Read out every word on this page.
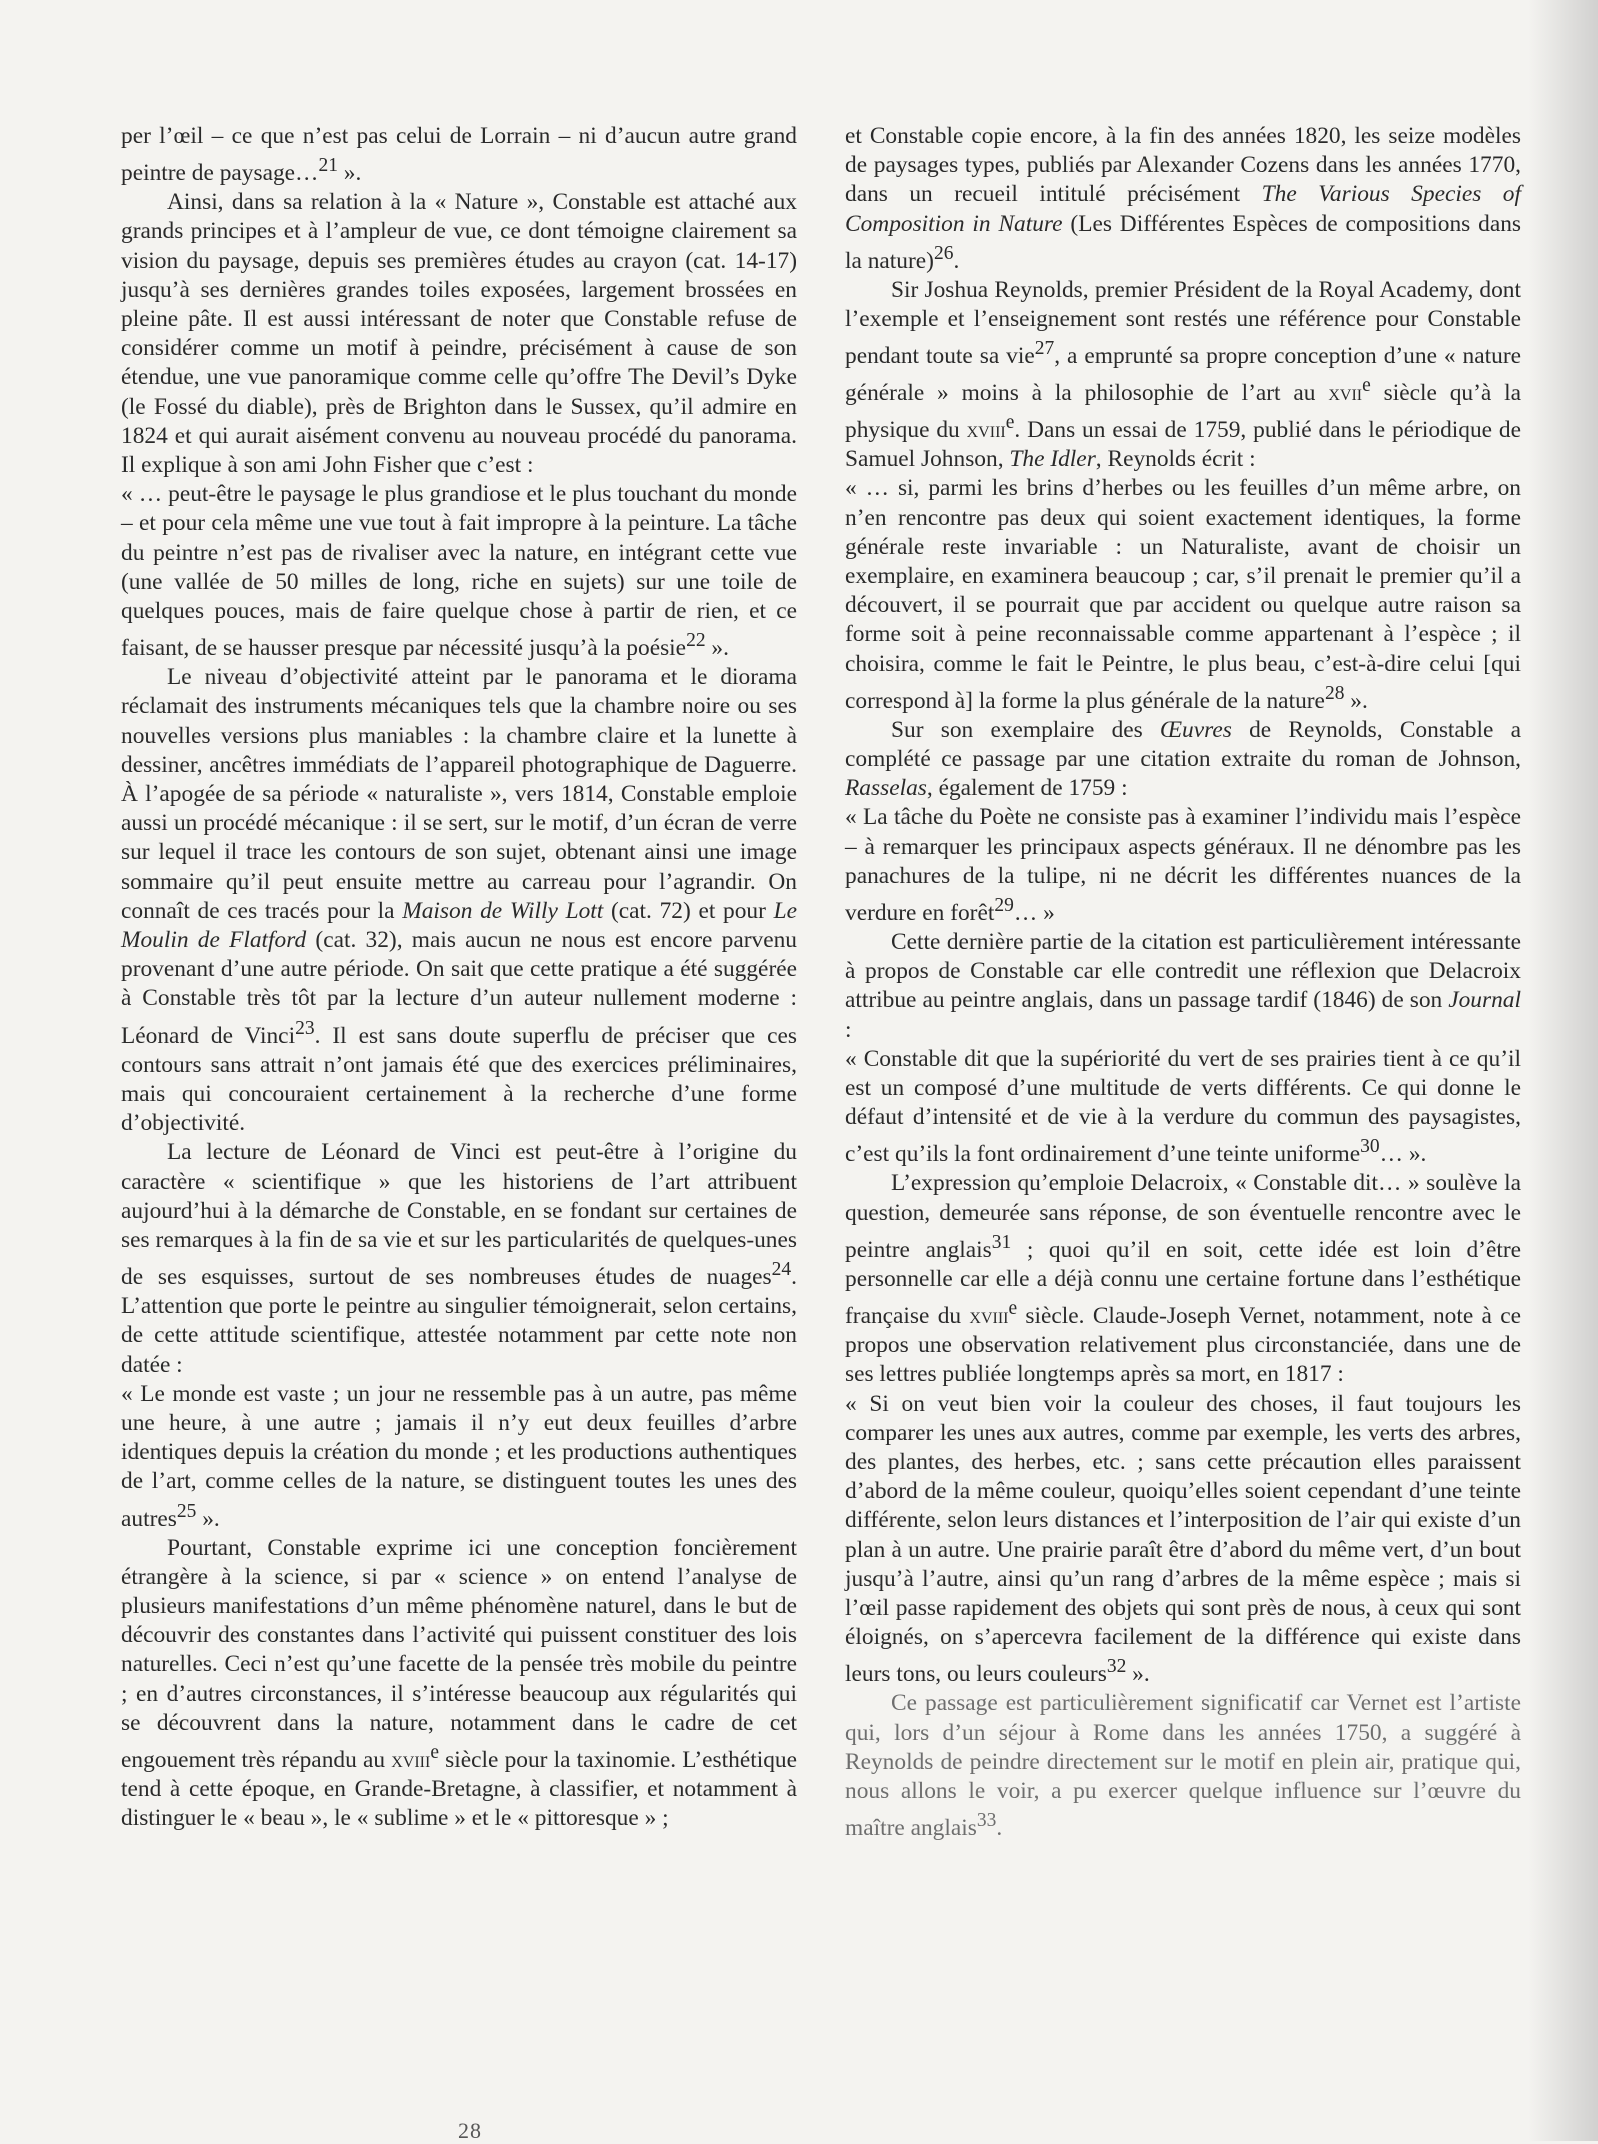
per l’œil – ce que n’est pas celui de Lorrain – ni d’aucun autre grand peintre de paysage…$^{21}$ ».

Ainsi, dans sa relation à la « Nature », Constable est attaché aux grands principes et à l’ampleur de vue, ce dont témoigne clairement sa vision du paysage, depuis ses premières études au crayon (cat. 14-17) jusqu’à ses dernières grandes toiles exposées, largement brossées en pleine pâte. Il est aussi intéressant de noter que Constable refuse de considérer comme un motif à peindre, précisément à cause de son étendue, une vue panoramique comme celle qu’offre The Devil’s Dyke (le Fossé du diable), près de Brighton dans le Sussex, qu’il admire en 1824 et qui aurait aisément convenu au nouveau procédé du panorama. Il explique à son ami John Fisher que c’est :

« … peut-être le paysage le plus grandiose et le plus touchant du monde – et pour cela même une vue tout à fait impropre à la peinture. La tâche du peintre n’est pas de rivaliser avec la nature, en intégrant cette vue (une vallée de 50 milles de long, riche en sujets) sur une toile de quelques pouces, mais de faire quelque chose à partir de rien, et ce faisant, de se hausser presque par nécessité jusqu’à la poésie$^{22}$ ».

Le niveau d’objectivité atteint par le panorama et le diorama réclamait des instruments mécaniques tels que la chambre noire ou ses nouvelles versions plus maniables : la chambre claire et la lunette à dessiner, ancêtres immédiats de l’appareil photographique de Daguerre. À l’apogée de sa période « naturaliste », vers 1814, Constable emploie aussi un procédé mécanique : il se sert, sur le motif, d’un écran de verre sur lequel il trace les contours de son sujet, obtenant ainsi une image sommaire qu’il peut ensuite mettre au carreau pour l’agrandir. On connaît de ces tracés pour la Maison de Willy Lott (cat. 72) et pour Le Moulin de Flatford (cat. 32), mais aucun ne nous est encore parvenu provenant d’une autre période. On sait que cette pratique a été suggérée à Constable très tôt par la lecture d’un auteur nullement moderne : Léonard de Vinci$^{23}$. Il est sans doute superflu de préciser que ces contours sans attrait n’ont jamais été que des exercices préliminaires, mais qui concouraient certainement à la recherche d’une forme d’objectivité.

La lecture de Léonard de Vinci est peut-être à l’origine du caractère « scientifique » que les historiens de l’art attribuent aujourd’hui à la démarche de Constable, en se fondant sur certaines de ses remarques à la fin de sa vie et sur les particularités de quelques-unes de ses esquisses, surtout de ses nombreuses études de nuages$^{24}$. L’attention que porte le peintre au singulier témoignerait, selon certains, de cette attitude scientifique, attestée notamment par cette note non datée :

« Le monde est vaste ; un jour ne ressemble pas à un autre, pas même une heure, à une autre ; jamais il n’y eut deux feuilles d’arbre identiques depuis la création du monde ; et les productions authentiques de l’art, comme celles de la nature, se distinguent toutes les unes des autres$^{25}$ ».

Pourtant, Constable exprime ici une conception foncièrement étrangère à la science, si par « science » on entend l’analyse de plusieurs manifestations d’un même phénomène naturel, dans le but de découvrir des constantes dans l’activité qui puissent constituer des lois naturelles. Ceci n’est qu’une facette de la pensée très mobile du peintre ; en d’autres circonstances, il s’intéresse beaucoup aux régularités qui se découvrent dans la nature, notamment dans le cadre de cet engouement très répandu au xviii$^e$ siècle pour la taxinomie. L’esthétique tend à cette époque, en Grande-Bretagne, à classifier, et notamment à distinguer le « beau », le « sublime » et le « pittoresque » ;

et Constable copie encore, à la fin des années 1820, les seize modèles de paysages types, publiés par Alexander Cozens dans les années 1770, dans un recueil intitulé précisément The Various Species of Composition in Nature (Les Différentes Espèces de compositions dans la nature)$^{26}$.

Sir Joshua Reynolds, premier Président de la Royal Academy, dont l’exemple et l’enseignement sont restés une référence pour Constable pendant toute sa vie$^{27}$, a emprunté sa propre conception d’une « nature générale » moins à la philosophie de l’art au xvii$^e$ siècle qu’à la physique du xviii$^e$. Dans un essai de 1759, publié dans le périodique de Samuel Johnson, The Idler, Reynolds écrit :

« … si, parmi les brins d’herbes ou les feuilles d’un même arbre, on n’en rencontre pas deux qui soient exactement identiques, la forme générale reste invariable : un Naturaliste, avant de choisir un exemplaire, en examinera beaucoup ; car, s’il prenait le premier qu’il a découvert, il se pourrait que par accident ou quelque autre raison sa forme soit à peine reconnaissable comme appartenant à l’espèce ; il choisira, comme le fait le Peintre, le plus beau, c’est-à-dire celui [qui correspond à] la forme la plus générale de la nature$^{28}$ ».

Sur son exemplaire des Œuvres de Reynolds, Constable a complété ce passage par une citation extraite du roman de Johnson, Rasselas, également de 1759 :

« La tâche du Poète ne consiste pas à examiner l’individu mais l’espèce – à remarquer les principaux aspects généraux. Il ne dénombre pas les panachures de la tulipe, ni ne décrit les différentes nuances de la verdure en forêt$^{29}$… »

Cette dernière partie de la citation est particulièrement intéressante à propos de Constable car elle contredit une réflexion que Delacroix attribue au peintre anglais, dans un passage tardif (1846) de son Journal :

« Constable dit que la supériorité du vert de ses prairies tient à ce qu’il est un composé d’une multitude de verts différents. Ce qui donne le défaut d’intensité et de vie à la verdure du commun des paysagistes, c’est qu’ils la font ordinairement d’une teinte uniforme$^{30}$… ».

L’expression qu’emploie Delacroix, « Constable dit… » soulève la question, demeurée sans réponse, de son éventuelle rencontre avec le peintre anglais$^{31}$ ; quoi qu’il en soit, cette idée est loin d’être personnelle car elle a déjà connu une certaine fortune dans l’esthétique française du xviii$^e$ siècle. Claude-Joseph Vernet, notamment, note à ce propos une observation relativement plus circonstanciée, dans une de ses lettres publiée longtemps après sa mort, en 1817 :

« Si on veut bien voir la couleur des choses, il faut toujours les comparer les unes aux autres, comme par exemple, les verts des arbres, des plantes, des herbes, etc. ; sans cette précaution elles paraissent d’abord de la même couleur, quoiqu’elles soient cependant d’une teinte différente, selon leurs distances et l’interposition de l’air qui existe d’un plan à un autre. Une prairie paraît être d’abord du même vert, d’un bout jusqu’à l’autre, ainsi qu’un rang d’arbres de la même espèce ; mais si l’œil passe rapidement des objets qui sont près de nous, à ceux qui sont éloignés, on s’apercevra facilement de la différence qui existe dans leurs tons, ou leurs couleurs$^{32}$ ».

Ce passage est particulièrement significatif car Vernet est l’artiste qui, lors d’un séjour à Rome dans les années 1750, a suggéré à Reynolds de peindre directement sur le motif en plein air, pratique qui, nous allons le voir, a pu exercer quelque influence sur l’œuvre du maître anglais$^{33}$.

28
